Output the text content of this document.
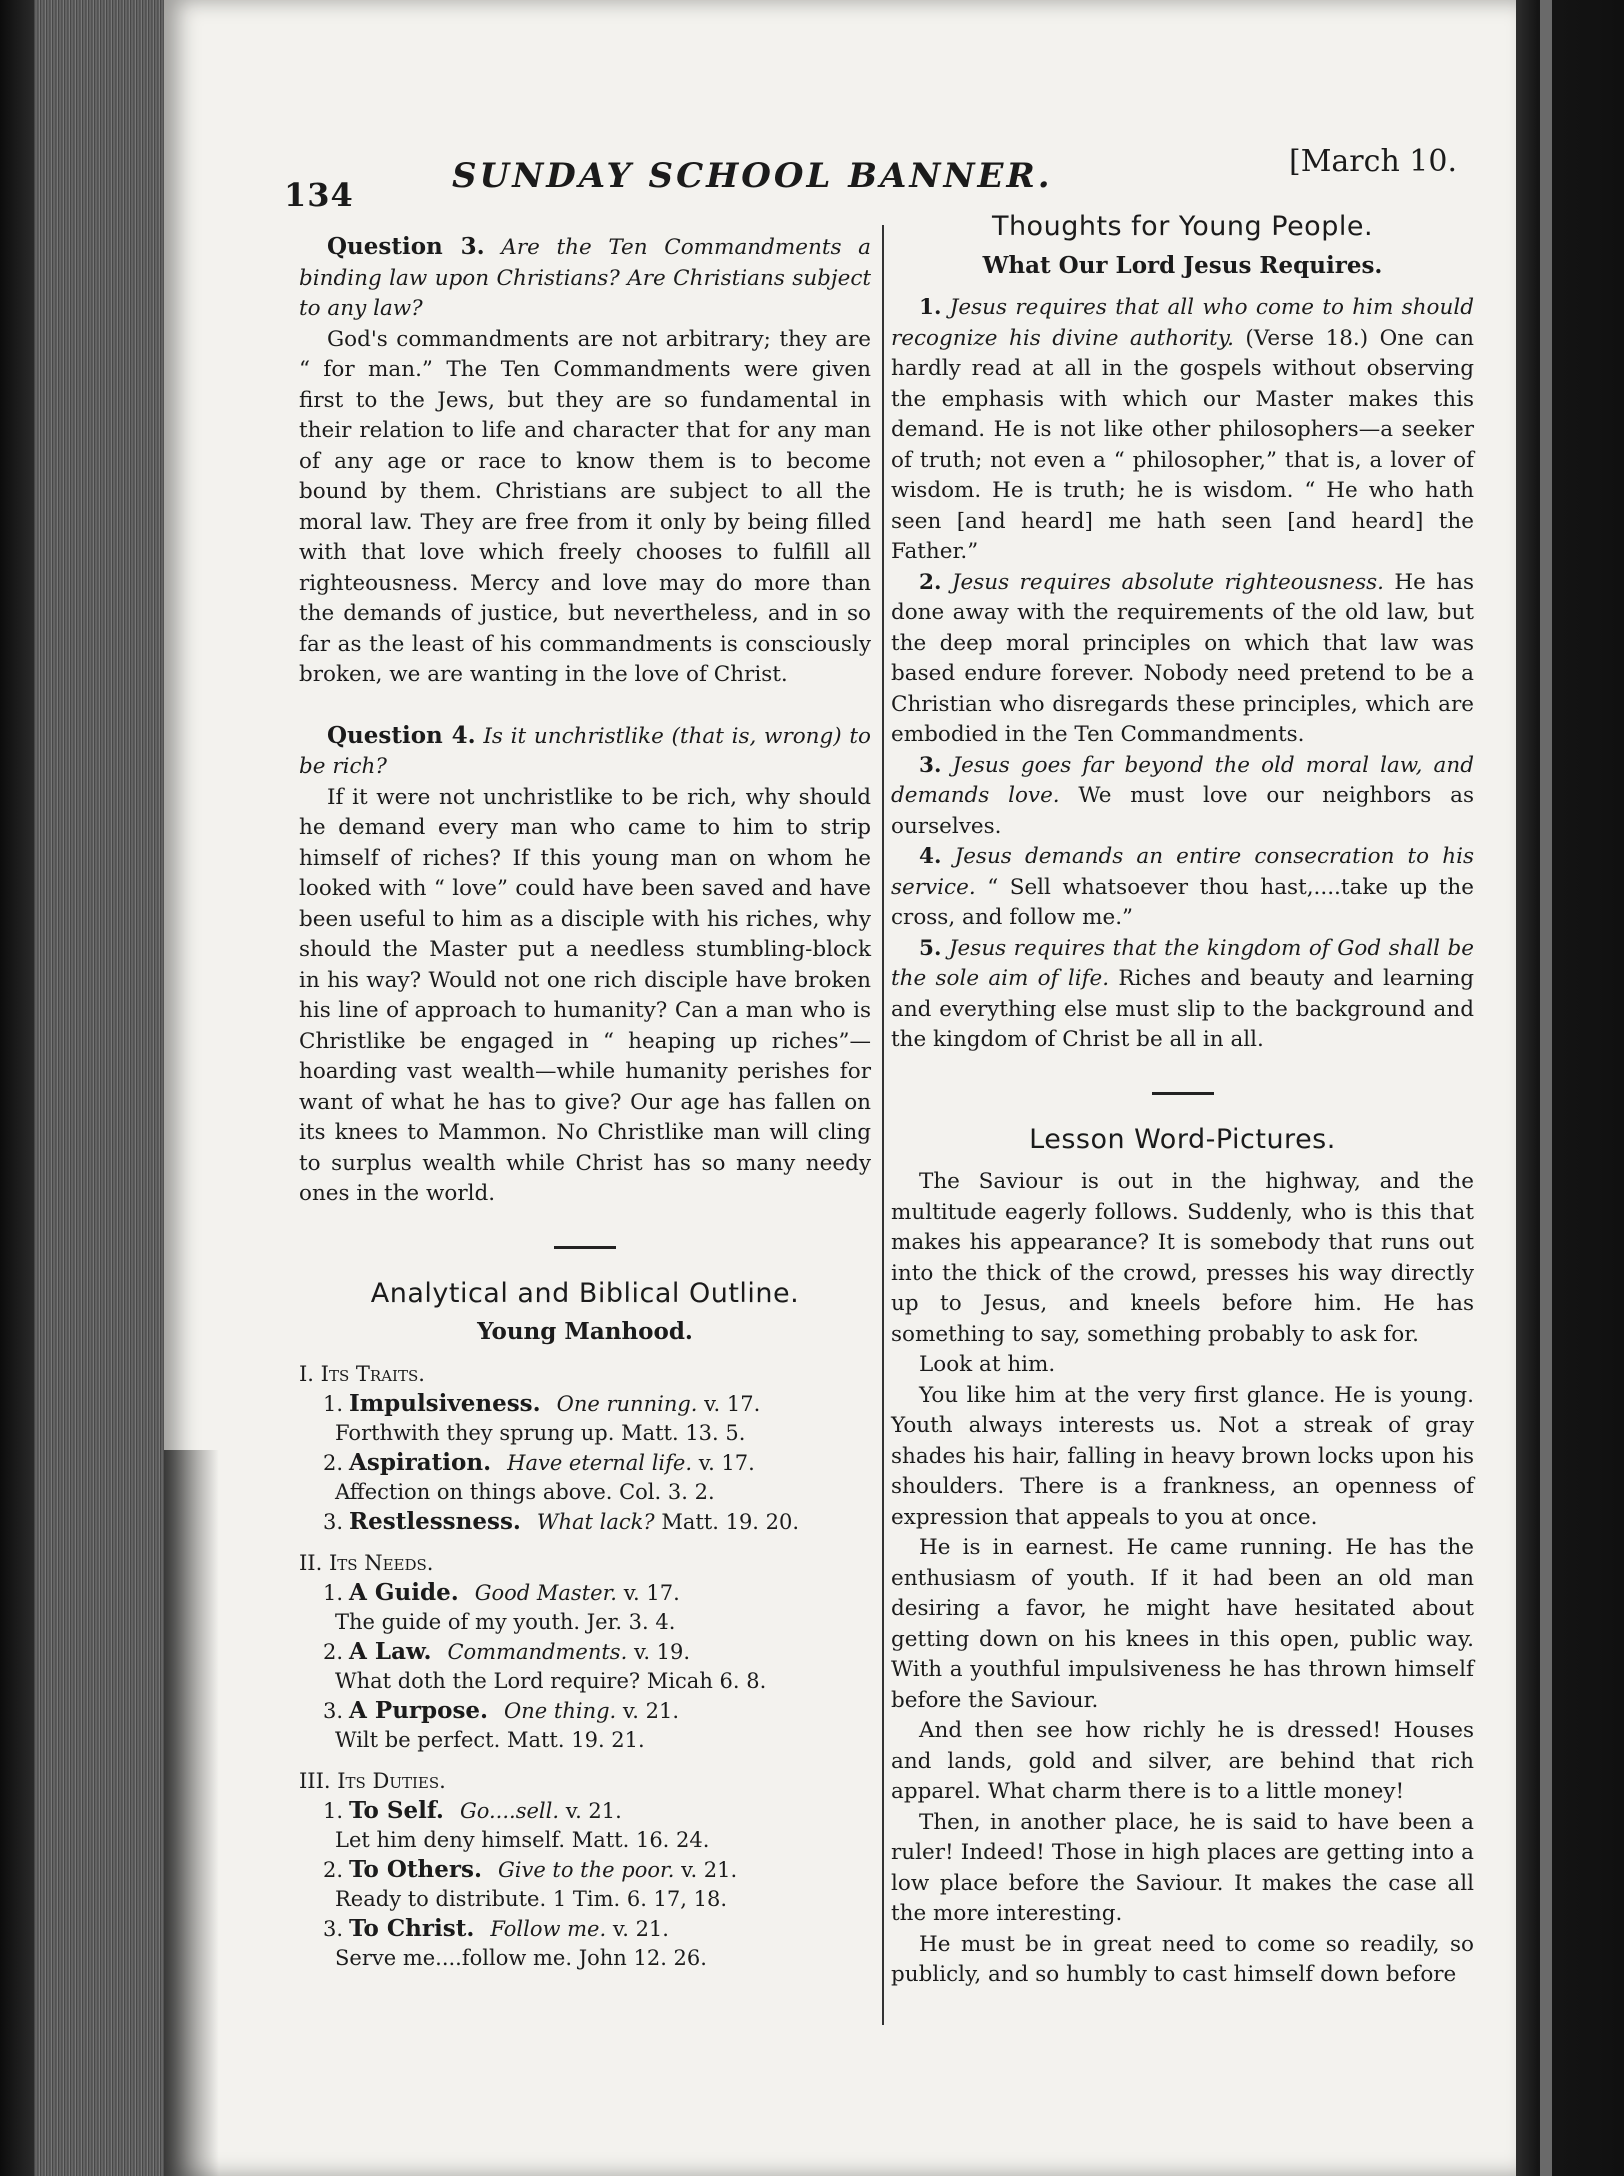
134	SUNDAY SCHOOL BANNER.	[March 10.

Question 3. Are the Ten Commandments a binding law upon Christians? Are Christians subject to any law?

God's commandments are not arbitrary; they are “ for man.” The Ten Commandments were given first to the Jews, but they are so fundamental in their relation to life and character that for any man of any age or race to know them is to become bound by them. Christians are subject to all the moral law. They are free from it only by being filled with that love which freely chooses to fulfill all righteousness. Mercy and love may do more than the demands of justice, but nevertheless, and in so far as the least of his commandments is consciously broken, we are wanting in the love of Christ.

Question 4. Is it unchristlike (that is, wrong) to be rich?

If it were not unchristlike to be rich, why should he demand every man who came to him to strip himself of riches? If this young man on whom he looked with “ love” could have been saved and have been useful to him as a disciple with his riches, why should the Master put a needless stumbling-block in his way? Would not one rich disciple have broken his line of approach to humanity? Can a man who is Christlike be engaged in “ heaping up riches”—hoarding vast wealth—while humanity perishes for want of what he has to give? Our age has fallen on its knees to Mammon. No Christlike man will cling to surplus wealth while Christ has so many needy ones in the world.

Analytical and Biblical Outline.
Young Manhood.
I. Its Traits.
1. Impulsiveness. One running. v. 17.
Forthwith they sprung up. Matt. 13. 5.
2. Aspiration. Have eternal life. v. 17.
Affection on things above. Col. 3. 2.
3. Restlessness. What lack? Matt. 19. 20.
II. Its Needs.
1. A Guide. Good Master. v. 17.
The guide of my youth. Jer. 3. 4.
2. A Law. Commandments. v. 19.
What doth the Lord require? Micah 6. 8.
3. A Purpose. One thing. v. 21.
Wilt be perfect. Matt. 19. 21.
III. Its Duties.
1. To Self. Go....sell. v. 21.
Let him deny himself. Matt. 16. 24.
2. To Others. Give to the poor. v. 21.
Ready to distribute. 1 Tim. 6. 17, 18.
3. To Christ. Follow me. v. 21.
Serve me....follow me. John 12. 26.
Thoughts for Young People.
What Our Lord Jesus Requires.

1. Jesus requires that all who come to him should recognize his divine authority. (Verse 18.) One can hardly read at all in the gospels without observing the emphasis with which our Master makes this demand. He is not like other philosophers—a seeker of truth; not even a “ philosopher,” that is, a lover of wisdom. He is truth; he is wisdom. “ He who hath seen [and heard] me hath seen [and heard] the Father.”

2. Jesus requires absolute righteousness. He has done away with the requirements of the old law, but the deep moral principles on which that law was based endure forever. Nobody need pretend to be a Christian who disregards these principles, which are embodied in the Ten Commandments.

3. Jesus goes far beyond the old moral law, and demands love. We must love our neighbors as ourselves.

4. Jesus demands an entire consecration to his service. “ Sell whatsoever thou hast,....take up the cross, and follow me.”

5. Jesus requires that the kingdom of God shall be the sole aim of life. Riches and beauty and learning and everything else must slip to the background and the kingdom of Christ be all in all.

Lesson Word-Pictures.

The Saviour is out in the highway, and the multitude eagerly follows. Suddenly, who is this that makes his appearance? It is somebody that runs out into the thick of the crowd, presses his way directly up to Jesus, and kneels before him. He has something to say, something probably to ask for.

Look at him.

You like him at the very first glance. He is young. Youth always interests us. Not a streak of gray shades his hair, falling in heavy brown locks upon his shoulders. There is a frankness, an openness of expression that appeals to you at once.

He is in earnest. He came running. He has the enthusiasm of youth. If it had been an old man desiring a favor, he might have hesitated about getting down on his knees in this open, public way. With a youthful impulsiveness he has thrown himself before the Saviour.

And then see how richly he is dressed! Houses and lands, gold and silver, are behind that rich apparel. What charm there is to a little money!

Then, in another place, he is said to have been a ruler! Indeed! Those in high places are getting into a low place before the Saviour. It makes the case all the more interesting.

He must be in great need to come so readily, so publicly, and so humbly to cast himself down before
